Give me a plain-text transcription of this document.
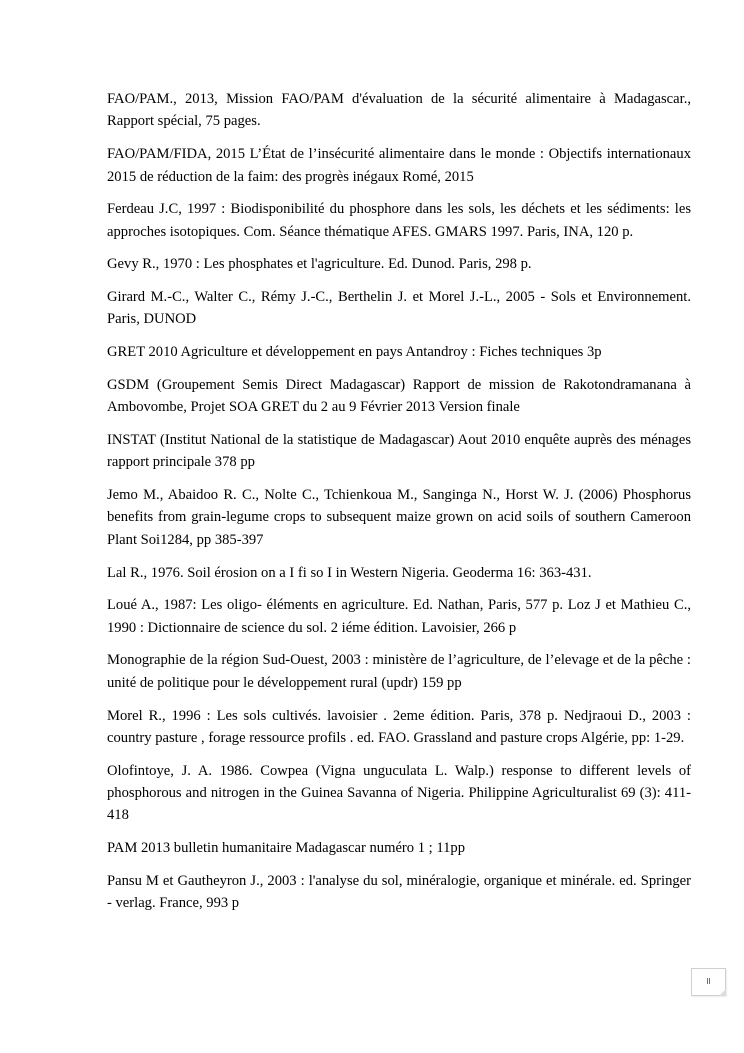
FAO/PAM., 2013, Mission FAO/PAM d'évaluation de la sécurité alimentaire à Madagascar., Rapport spécial, 75 pages.

FAO/PAM/FIDA, 2015 L’État de l’insécurité alimentaire dans le monde : Objectifs internationaux 2015 de réduction de la faim: des progrès inégaux Romé, 2015

Ferdeau J.C, 1997 : Biodisponibilité du phosphore dans les sols, les déchets et les sédiments: les approches isotopiques. Com. Séance thématique AFES. GMARS 1997. Paris, INA, 120 p.

Gevy R., 1970 : Les phosphates et l'agriculture. Ed. Dunod. Paris, 298 p.

Girard M.-C., Walter C., Rémy J.-C., Berthelin J. et Morel J.-L., 2005 - Sols et Environnement. Paris, DUNOD

GRET 2010 Agriculture et développement en pays Antandroy : Fiches techniques 3p

GSDM (Groupement Semis Direct Madagascar) Rapport de mission de Rakotondramanana à Ambovombe, Projet SOA GRET du 2 au 9 Février 2013 Version finale

INSTAT (Institut National de la statistique de Madagascar) Aout 2010 enquête auprès des ménages rapport principale 378 pp

Jemo M., Abaidoo R. C., Nolte C., Tchienkoua M., Sanginga N., Horst W. J. (2006) Phosphorus benefits from grain-legume crops to subsequent maize grown on acid soils of southern Cameroon Plant Soi1284, pp 385-397

Lal R., 1976. Soil érosion on a I fi so I in Western Nigeria. Geoderma 16: 363-431.

Loué A., 1987: Les oligo- éléments en agriculture. Ed. Nathan, Paris, 577 p. Loz J et Mathieu C., 1990 : Dictionnaire de science du sol. 2 iéme édition. Lavoisier, 266 p

Monographie de la région Sud-Ouest, 2003 : ministère de l’agriculture, de l’elevage et de la pêche : unité de politique pour le développement rural (updr) 159 pp

Morel R., 1996 : Les sols cultivés. lavoisier . 2eme édition. Paris, 378 p. Nedjraoui D., 2003 : country pasture , forage ressource profils . ed. FAO. Grassland and pasture crops Algérie, pp: 1-29.

Olofintoye, J. A. 1986. Cowpea (Vigna unguculata L. Walp.) response to different levels of phosphorous and nitrogen in the Guinea Savanna of Nigeria. Philippine Agriculturalist 69 (3): 411-418

PAM 2013 bulletin humanitaire Madagascar numéro 1 ; 11pp

Pansu M et Gautheyron J., 2003 : l'analyse du sol, minéralogie, organique et minérale. ed. Springer - verlag. France, 993 p

II
